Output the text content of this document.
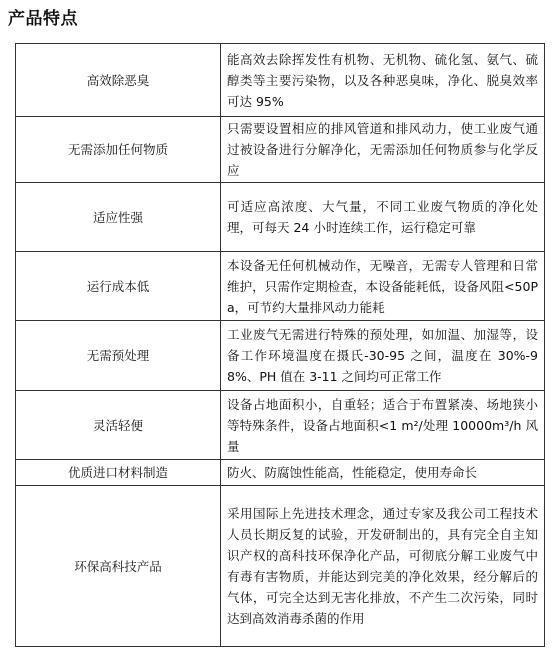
产品特点
高效除恶臭	能高效去除挥发性有机物、无机物、硫化氢、氨气、硫醇类等主要污染物，以及各种恶臭味，净化、脱臭效率可达 95%
无需添加任何物质	只需要设置相应的排风管道和排风动力，使工业废气通过被设备进行分解净化，无需添加任何物质参与化学反应
适应性强	可适应高浓度、大气量，不同工业废气物质的净化处理，可每天 24 小时连续工作，运行稳定可靠
运行成本低	本设备无任何机械动作，无噪音，无需专人管理和日常维护，只需作定期检查，本设备能耗低，设备风阻<50Pa，可节约大量排风动力能耗
无需预处理	工业废气无需进行特殊的预处理，如加温、加湿等，设备工作环境温度在摄氏-30-95 之间，温度在 30%-98%、PH 值在 3-11 之间均可正常工作
灵活轻便	设备占地面积小，自重轻；适合于布置紧凑、场地狭小等特殊条件，设备占地面积<1 m²/处理 10000m³/h 风量
优质进口材料制造	防火、防腐蚀性能高，性能稳定，使用寿命长
环保高科技产品	采用国际上先进技术理念，通过专家及我公司工程技术人员长期反复的试验，开发研制出的，具有完全自主知识产权的高科技环保净化产品，可彻底分解工业废气中有毒有害物质，并能达到完美的净化效果，经分解后的气体，可完全达到无害化排放，不产生二次污染，同时达到高效消毒杀菌的作用
